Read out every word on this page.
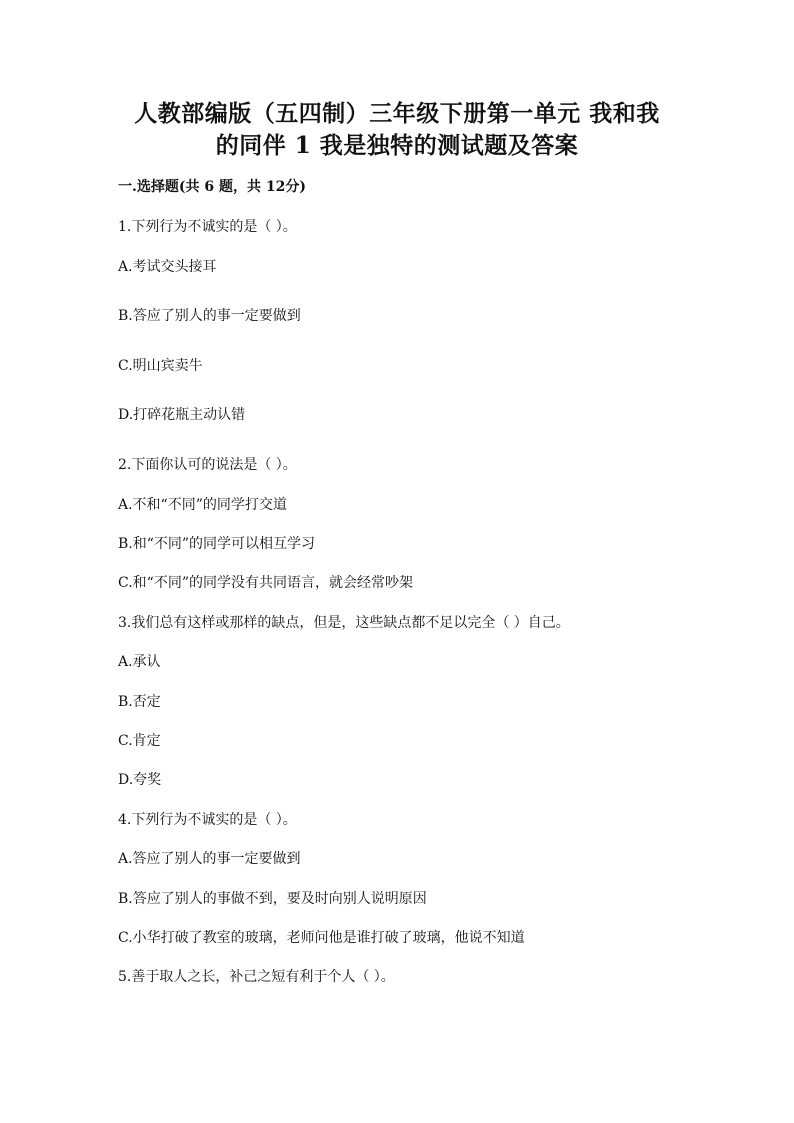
人教部编版（五四制）三年级下册第一单元 我和我
的同伴 1 我是独特的测试题及答案
一.选择题(共 6 题，共 12分)
1.下列行为不诚实的是（ ）。
A.考试交头接耳
B.答应了别人的事一定要做到
C.明山宾卖牛
D.打碎花瓶主动认错
2.下面你认可的说法是（ ）。
A.不和“不同”的同学打交道
B.和“不同”的同学可以相互学习
C.和“不同”的同学没有共同语言，就会经常吵架
3.我们总有这样或那样的缺点，但是，这些缺点都不足以完全（ ）自己。
A.承认
B.否定
C.肯定
D.夸奖
4.下列行为不诚实的是（ ）。
A.答应了别人的事一定要做到
B.答应了别人的事做不到，要及时向别人说明原因
C.小华打破了教室的玻璃，老师问他是谁打破了玻璃，他说不知道
5.善于取人之长，补己之短有利于个人（ ）。
